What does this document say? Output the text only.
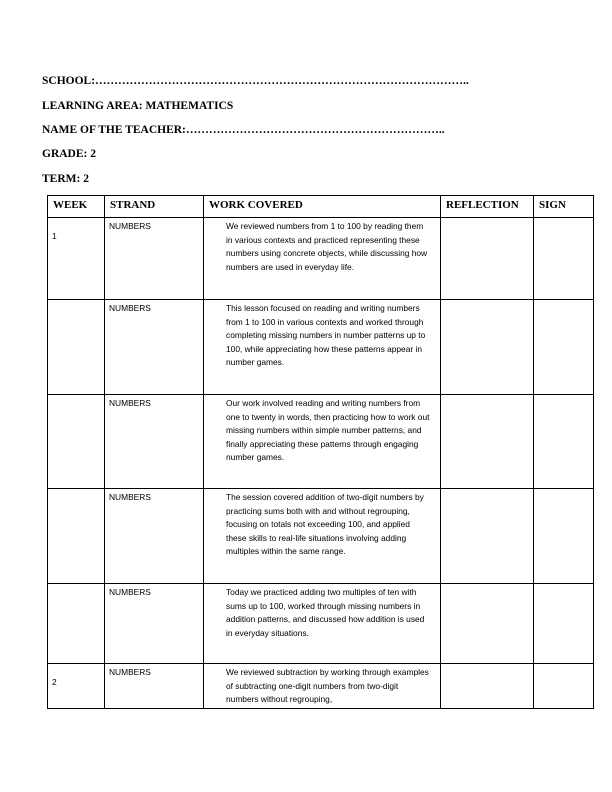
SCHOOL:……………………………………………………………………………………..
LEARNING AREA: MATHEMATICS
NAME OF THE TEACHER:…………………………………………………………..
GRADE: 2
TERM: 2
WEEK	STRAND	WORK COVERED	REFLECTION	SIGN
1	NUMBERS	We reviewed numbers from 1 to 100 by reading them in various contexts and practiced representing these numbers using concrete objects, while discussing how numbers are used in everyday life.		
	NUMBERS	This lesson focused on reading and writing numbers from 1 to 100 in various contexts and worked through completing missing numbers in number patterns up to 100, while appreciating how these patterns appear in number games.		
	NUMBERS	Our work involved reading and writing numbers from one to twenty in words, then practicing how to work out missing numbers within simple number patterns, and finally appreciating these patterns through engaging number games.		
	NUMBERS	The session covered addition of two-digit numbers by practicing sums both with and without regrouping, focusing on totals not exceeding 100, and applied these skills to real-life situations involving adding multiples within the same range.		
	NUMBERS	Today we practiced adding two multiples of ten with sums up to 100, worked through missing numbers in addition patterns, and discussed how addition is used in everyday situations.		
2	NUMBERS	We reviewed subtraction by working through examples of subtracting one-digit numbers from two-digit numbers without regrouping,		
